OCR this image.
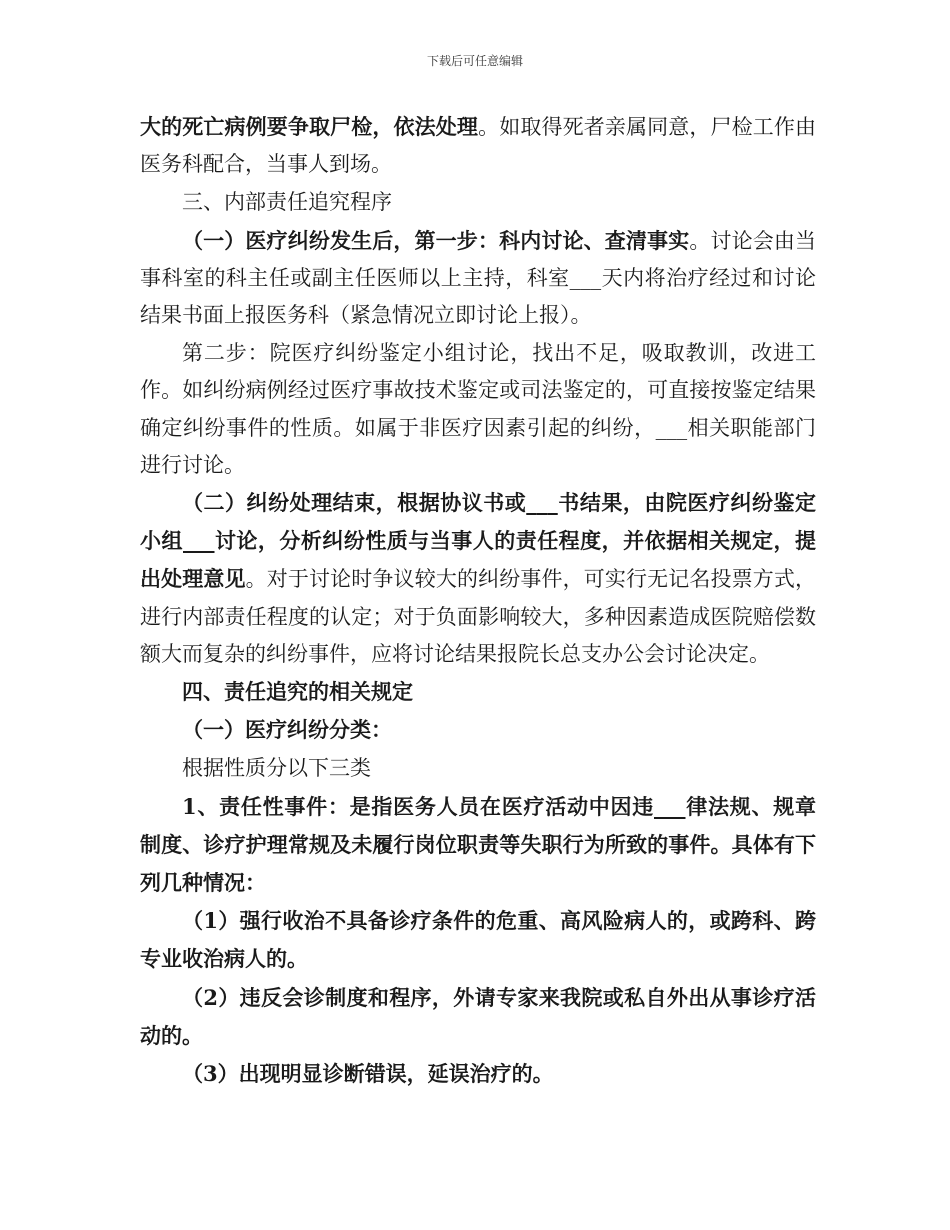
下载后可任意编辑

大的死亡病例要争取尸检，依法处理。如取得死者亲属同意，尸检工作由医务科配合，当事人到场。

三、内部责任追究程序

（一）医疗纠纷发生后，第一步：科内讨论、查清事实。讨论会由当事科室的科主任或副主任医师以上主持，科室___天内将治疗经过和讨论结果书面上报医务科（紧急情况立即讨论上报）。

第二步：院医疗纠纷鉴定小组讨论，找出不足，吸取教训，改进工作。如纠纷病例经过医疗事故技术鉴定或司法鉴定的，可直接按鉴定结果确定纠纷事件的性质。如属于非医疗因素引起的纠纷，___相关职能部门进行讨论。

（二）纠纷处理结束，根据协议书或___书结果，由院医疗纠纷鉴定小组___讨论，分析纠纷性质与当事人的责任程度，并依据相关规定，提出处理意见。对于讨论时争议较大的纠纷事件，可实行无记名投票方式，进行内部责任程度的认定；对于负面影响较大，多种因素造成医院赔偿数额大而复杂的纠纷事件，应将讨论结果报院长总支办公会讨论决定。

四、责任追究的相关规定

（一）医疗纠纷分类：

根据性质分以下三类

1、责任性事件：是指医务人员在医疗活动中因违___律法规、规章制度、诊疗护理常规及未履行岗位职责等失职行为所致的事件。具体有下列几种情况：

（1）强行收治不具备诊疗条件的危重、高风险病人的，或跨科、跨专业收治病人的。

（2）违反会诊制度和程序，外请专家来我院或私自外出从事诊疗活动的。

（3）出现明显诊断错误，延误治疗的。
